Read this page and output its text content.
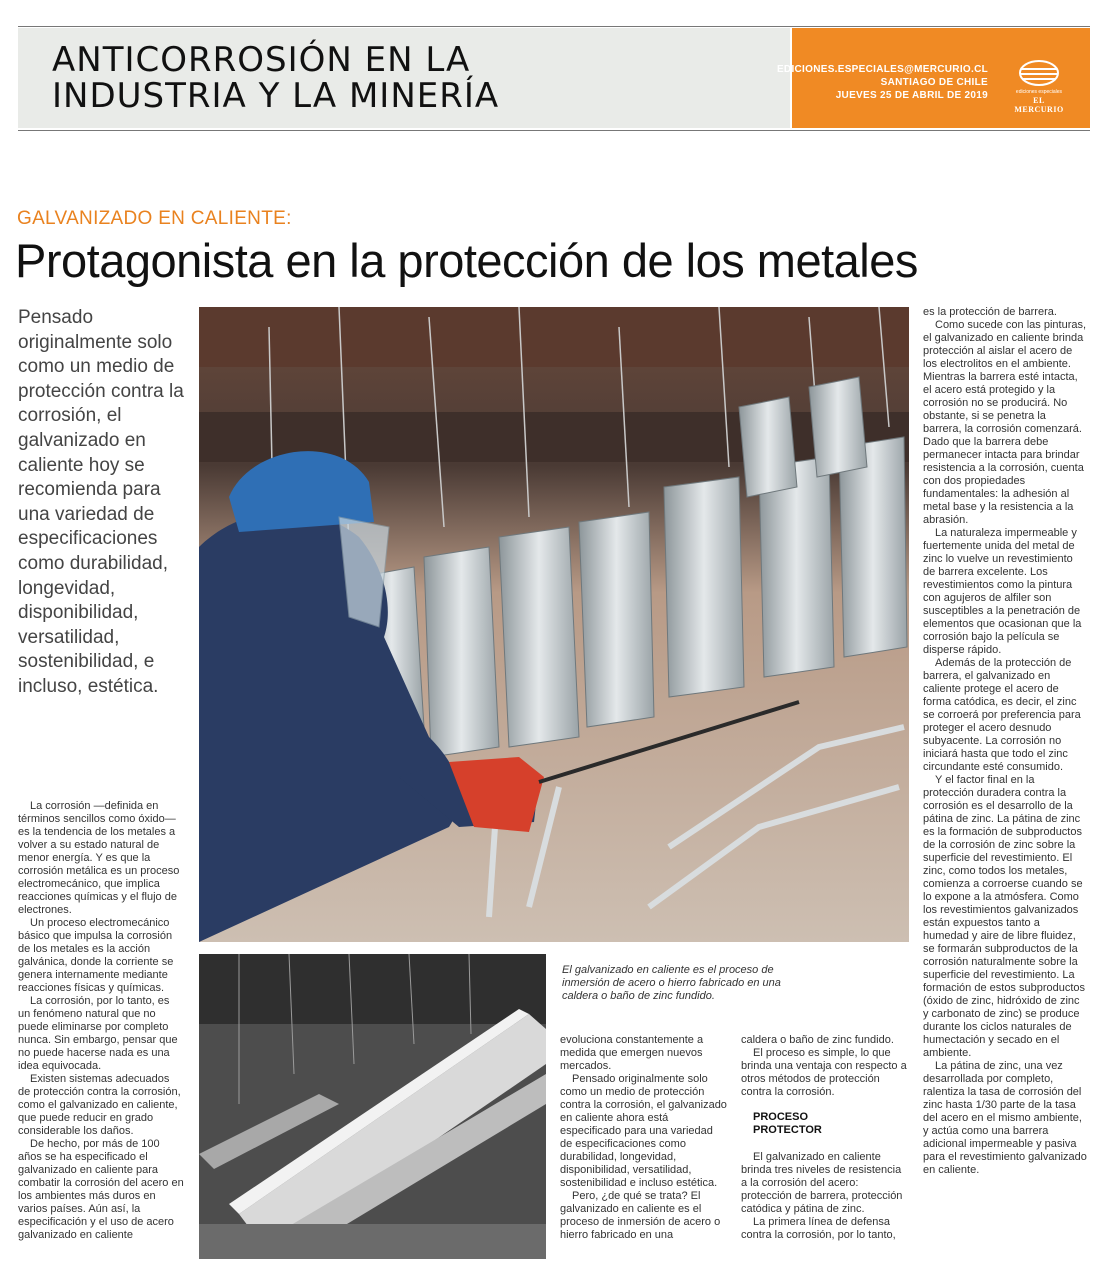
ANTICORROSIÓN EN LA
INDUSTRIA Y LA MINERÍA
EDICIONES.ESPECIALES@MERCURIO.CL
SANTIAGO DE CHILE
JUEVES 25 DE ABRIL DE 2019	ediciones especiales
EL MERCURIO
GALVANIZADO EN CALIENTE:
Protagonista en la protección de los metales

Pensado originalmente solo como un medio de protección contra la corrosión, el galvanizado en caliente hoy se recomienda para una variedad de especificaciones como durabilidad, longevidad, disponibilidad, versatilidad, sostenibilidad, e incluso, estética.

El galvanizado en caliente es el proceso de inmersión de acero o hierro fabricado en una caldera o baño de zinc fundido.

La corrosión —definida en términos sencillos como óxido— es la tendencia de los metales a volver a su estado natural de menor energía. Y es que la corrosión metálica es un proceso electromecánico, que implica reacciones químicas y el flujo de electrones.

Un proceso electromecánico básico que impulsa la corrosión de los metales es la acción galvánica, donde la corriente se genera internamente mediante reacciones físicas y químicas.

La corrosión, por lo tanto, es un fenómeno natural que no puede eliminarse por completo nunca. Sin embargo, pensar que no puede hacerse nada es una idea equivocada.

Existen sistemas adecuados de protección contra la corrosión, como el galvanizado en caliente, que puede reducir en grado considerable los daños.

De hecho, por más de 100 años se ha especificado el galvanizado en caliente para combatir la corrosión del acero en los ambientes más duros en varios países. Aún así, la especificación y el uso de acero galvanizado en caliente

evoluciona constantemente a medida que emergen nuevos mercados.

Pensado originalmente solo como un medio de protección contra la corrosión, el galvanizado en caliente ahora está especificado para una variedad de especificaciones como durabilidad, longevidad, disponibilidad, versatilidad, sostenibilidad e incluso estética.

Pero, ¿de qué se trata? El galvanizado en caliente es el proceso de inmersión de acero o hierro fabricado en una

caldera o baño de zinc fundido.

El proceso es simple, lo que brinda una ventaja con respecto a otros métodos de protección contra la corrosión.

PROCESO
PROTECTOR

El galvanizado en caliente brinda tres niveles de resistencia a la corrosión del acero: protección de barrera, protección catódica y pátina de zinc.

La primera línea de defensa contra la corrosión, por lo tanto,

es la protección de barrera.

Como sucede con las pinturas, el galvanizado en caliente brinda protección al aislar el acero de los electrolitos en el ambiente. Mientras la barrera esté intacta, el acero está protegido y la corrosión no se producirá. No obstante, si se penetra la barrera, la corrosión comenzará. Dado que la barrera debe permanecer intacta para brindar resistencia a la corrosión, cuenta con dos propiedades fundamentales: la adhesión al metal base y la resistencia a la abrasión.

La naturaleza impermeable y fuertemente unida del metal de zinc lo vuelve un revestimiento de barrera excelente. Los revestimientos como la pintura con agujeros de alfiler son susceptibles a la penetración de elementos que ocasionan que la corrosión bajo la película se disperse rápido.

Además de la protección de barrera, el galvanizado en caliente protege el acero de forma catódica, es decir, el zinc se corroerá por preferencia para proteger el acero desnudo subyacente. La corrosión no iniciará hasta que todo el zinc circundante esté consumido.

Y el factor final en la protección duradera contra la corrosión es el desarrollo de la pátina de zinc. La pátina de zinc es la formación de subproductos de la corrosión de zinc sobre la superficie del revestimiento. El zinc, como todos los metales, comienza a corroerse cuando se lo expone a la atmósfera. Como los revestimientos galvanizados están expuestos tanto a humedad y aire de libre fluidez, se formarán subproductos de la corrosión naturalmente sobre la superficie del revestimiento. La formación de estos subproductos (óxido de zinc, hidróxido de zinc y carbonato de zinc) se produce durante los ciclos naturales de humectación y secado en el ambiente.

La pátina de zinc, una vez desarrollada por completo, ralentiza la tasa de corrosión del zinc hasta 1/30 parte de la tasa del acero en el mismo ambiente, y actúa como una barrera adicional impermeable y pasiva para el revestimiento galvanizado en caliente.
